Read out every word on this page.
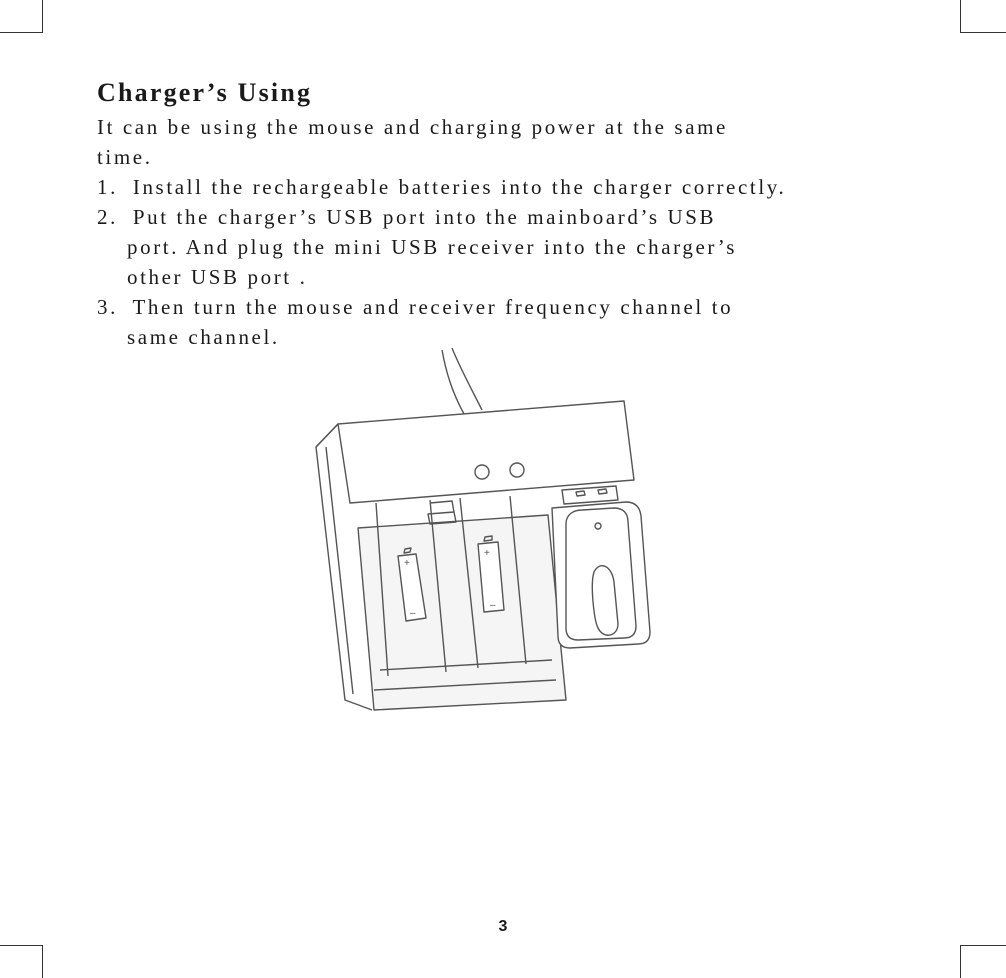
Charger’s Using

It can be using the mouse and charging power at the same

time.

1. Install the rechargeable batteries into the charger correctly.
2. Put the charger’s USB port into the mainboard’s USB

port. And plug the mini USB receiver into the charger’s

other USB port .

3. Then turn the mouse and receiver frequency channel to

same channel.

+
–
+
–
3
